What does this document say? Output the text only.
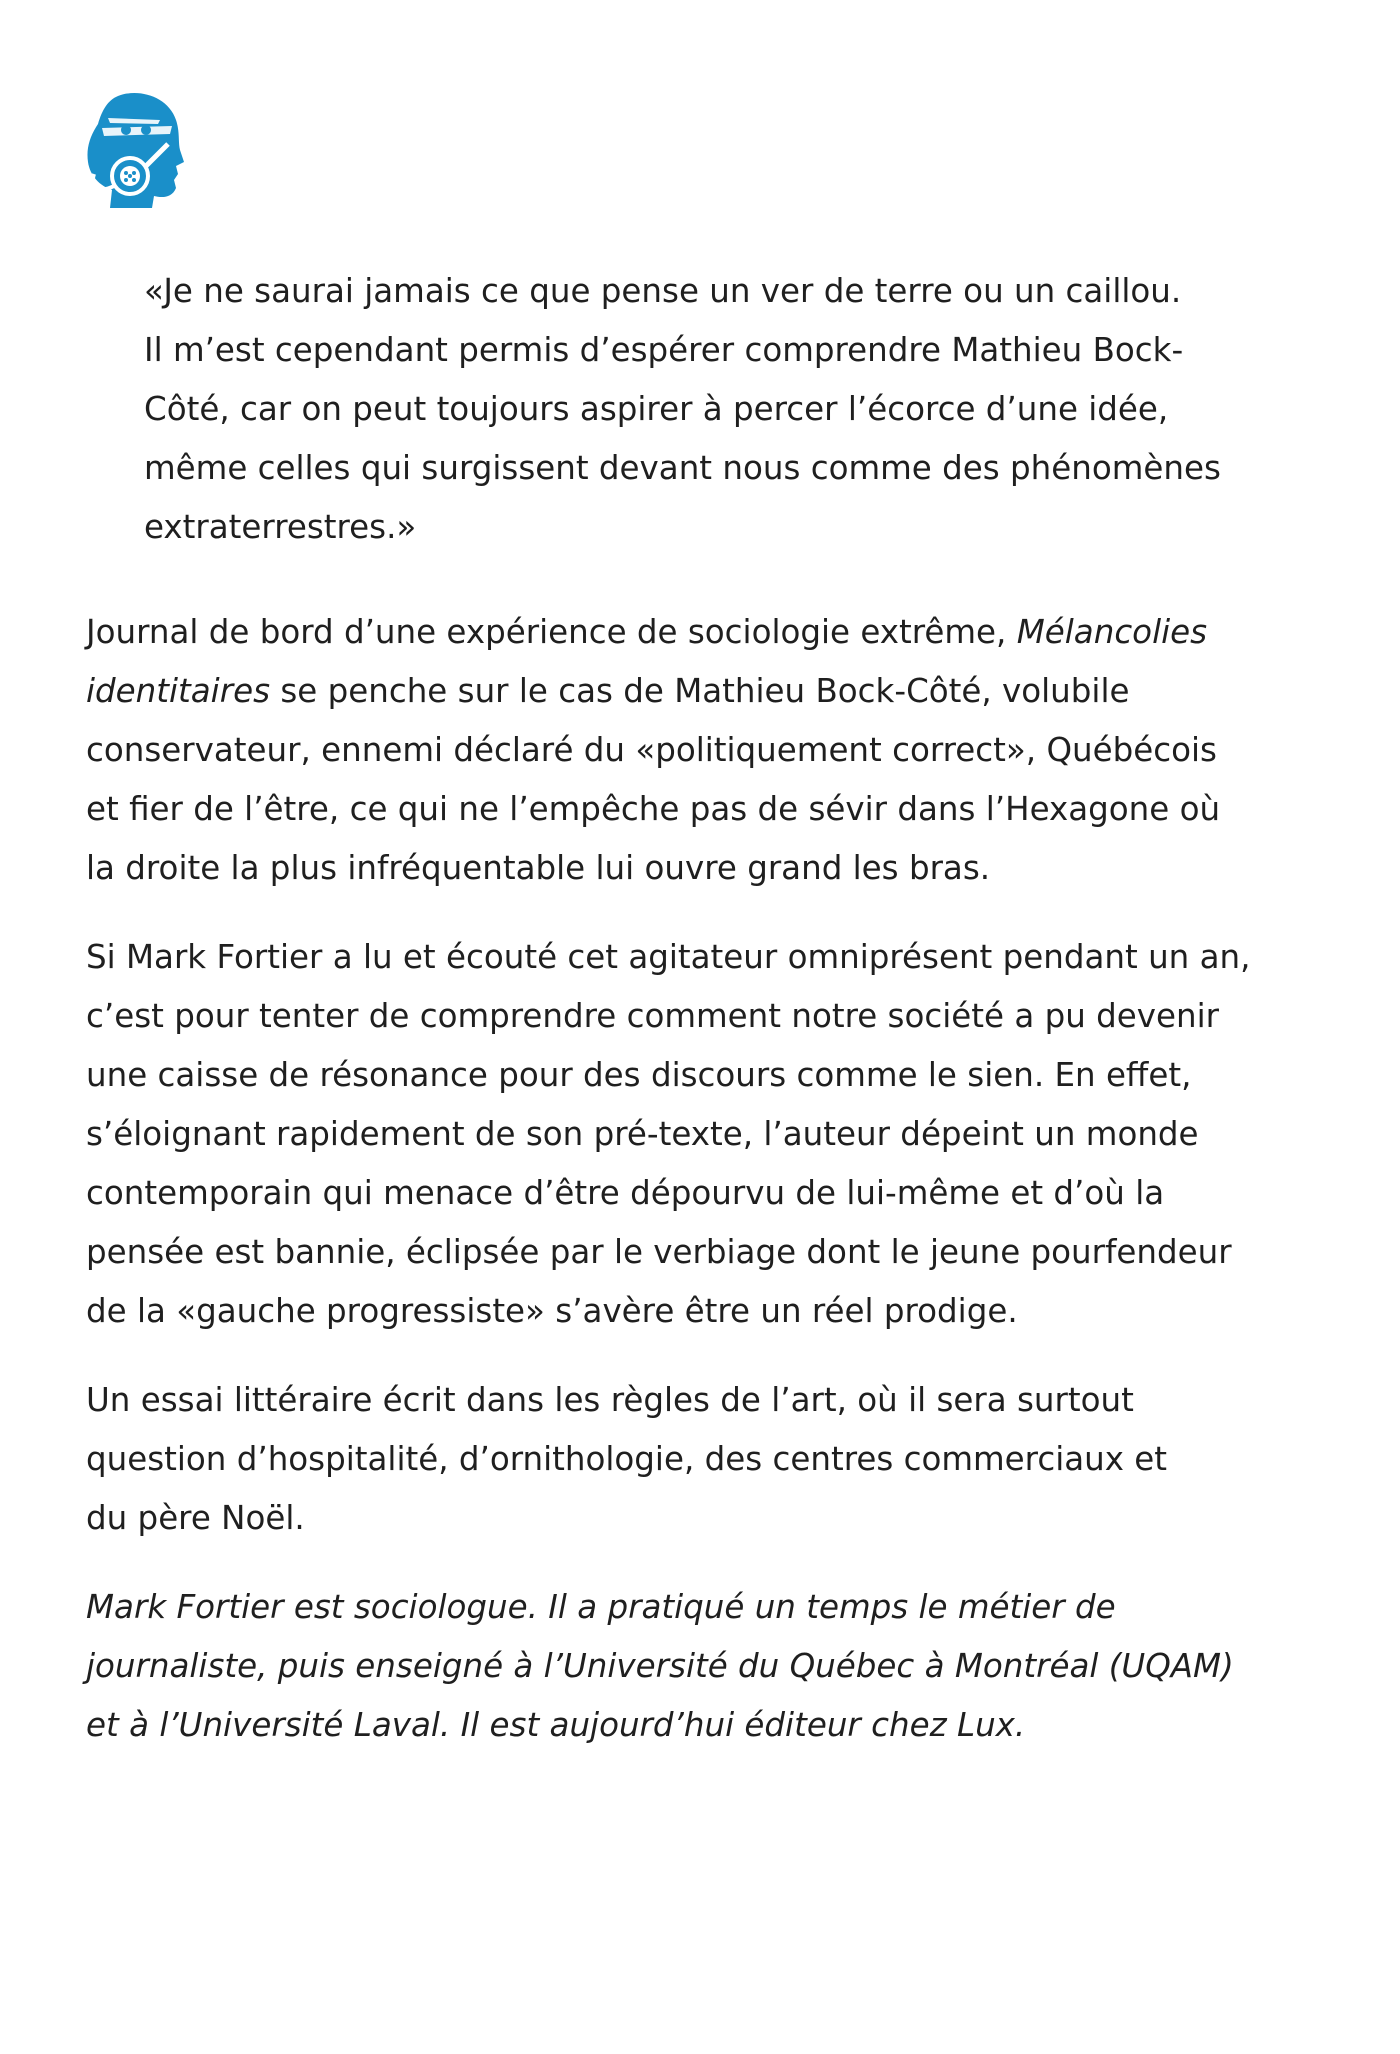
«Je ne saurai jamais ce que pense un ver de terre ou un caillou.
Il m’est cependant permis d’espérer comprendre Mathieu Bock-
Côté, car on peut toujours aspirer à percer l’écorce d’une idée,
même celles qui surgissent devant nous comme des phénomènes
extraterrestres.»
Journal de bord d’une expérience de sociologie extrême, Mélancolies
identitaires se penche sur le cas de Mathieu Bock-Côté, volubile
conservateur, ennemi déclaré du «politiquement correct», Québécois
et fier de l’être, ce qui ne l’empêche pas de sévir dans l’Hexagone où
la droite la plus infréquentable lui ouvre grand les bras.
Si Mark Fortier a lu et écouté cet agitateur omniprésent pendant un an,
c’est pour tenter de comprendre comment notre société a pu devenir
une caisse de résonance pour des discours comme le sien. En effet,
s’éloignant rapidement de son pré-texte, l’auteur dépeint un monde
contemporain qui menace d’être dépourvu de lui-même et d’où la
pensée est bannie, éclipsée par le verbiage dont le jeune pourfendeur
de la «gauche progressiste» s’avère être un réel prodige.
Un essai littéraire écrit dans les règles de l’art, où il sera surtout
question d’hospitalité, d’ornithologie, des centres commerciaux et
du père Noël.
Mark Fortier est sociologue. Il a pratiqué un temps le métier de
journaliste, puis enseigné à l’Université du Québec à Montréal (UQAM)
et à l’Université Laval. Il est aujourd’hui éditeur chez Lux.
